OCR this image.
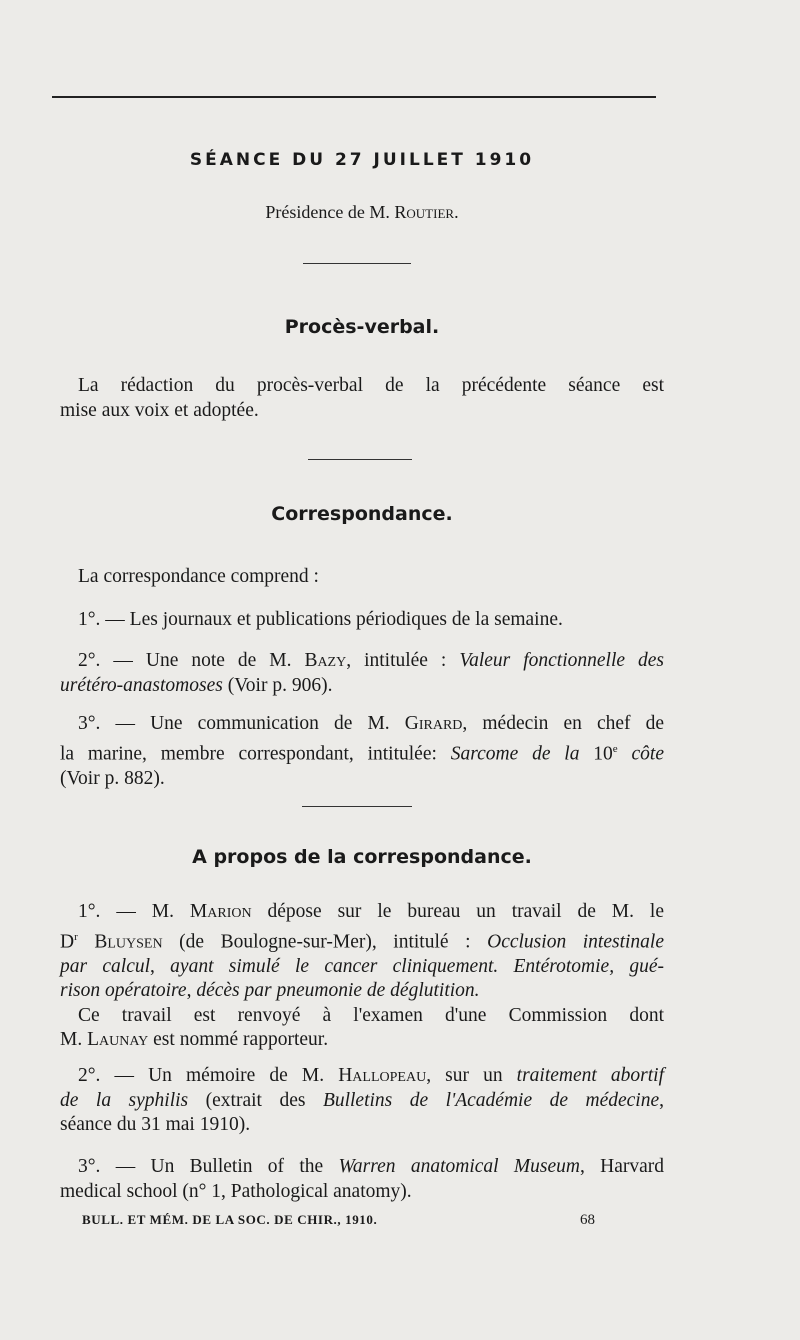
SÉANCE DU 27 JUILLET 1910
Présidence de M. Routier.
Procès-verbal.
La rédaction du procès-verbal de la précédente séance est
mise aux voix et adoptée.
Correspondance.
La correspondance comprend :
1°. — Les journaux et publications périodiques de la semaine.
2°. — Une note de M. Bazy, intitulée : Valeur fonctionnelle des
urétéro-anastomoses (Voir p. 906).
3°. — Une communication de M. Girard, médecin en chef de
la marine, membre correspondant, intitulée: Sarcome de la 10e côte
(Voir p. 882).
A propos de la correspondance.
1°. — M. Marion dépose sur le bureau un travail de M. le
$D^r$ Bluysen (de Boulogne-sur-Mer), intitulé : Occlusion intestinale
par calcul, ayant simulé le cancer cliniquement. Entérotomie, gué-
rison opératoire, décès par pneumonie de déglutition.
Ce travail est renvoyé à l'examen d'une Commission dont
M. Launay est nommé rapporteur.
2°. — Un mémoire de M. Hallopeau, sur un traitement abortif
de la syphilis (extrait des Bulletins de l'Académie de médecine,
séance du 31 mai 1910).
3°. — Un Bulletin of the Warren anatomical Museum, Harvard
medical school (n° 1, Pathological anatomy).
BULL. ET MÉM. DE LA SOC. DE CHIR., 1910.	68
